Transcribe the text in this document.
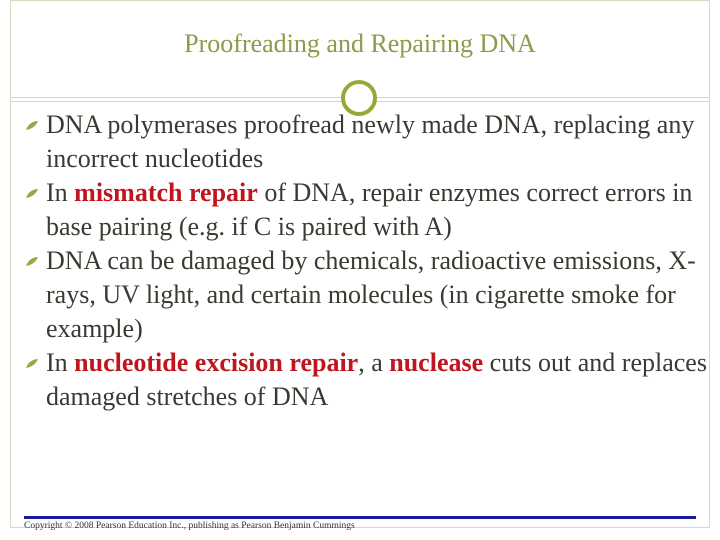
Proofreading and Repairing DNA
DNA polymerases proofread newly made DNA, replacing any incorrect nucleotides
In mismatch repair of DNA, repair enzymes correct errors in base pairing (e.g. if C is paired with A)
DNA can be damaged by chemicals, radioactive emissions, X-rays, UV light, and certain molecules (in cigarette smoke for example)
In nucleotide excision repair, a nuclease cuts out and replaces damaged stretches of DNA
Copyright © 2008 Pearson Education Inc., publishing as Pearson Benjamin Cummings
